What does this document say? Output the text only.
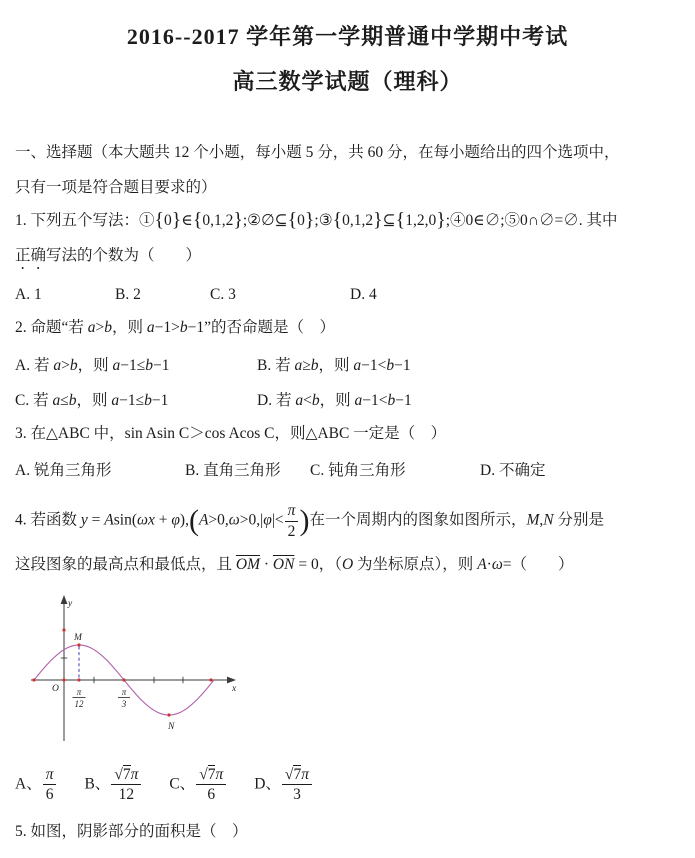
2016--2017 学年第一学期普通中学期中考试
高三数学试题（理科）
一、选择题（本大题共 12 个小题，每小题 5 分，共 60 分，在每小题给出的四个选项中，
只有一项是符合题目要求的）
1. 下列五个写法：①{0}∈{0,1,2};②∅⊆{0};③{0,1,2}⊆{1,2,0};④0∈∅;⑤0∩∅=∅. 其中
正确写法的个数为（　　）
A. 1	B. 2	C. 3	D. 4
2. 命题“若 a>b，则 a−1>b−1”的否命题是（　）
A. 若 a>b，则 a−1≤b−1	B. 若 a≥b，则 a−1<b−1
C. 若 a≤b，则 a−1≤b−1	D. 若 a<b，则 a−1<b−1
3. 在△ABC 中，sin Asin C＞cos Acos C，则△ABC 一定是（　）
A. 锐角三角形	B. 直角三角形 C. 钝角三角形	D. 不确定
4. 若函数 $y = Asin(\omega x + \varphi),(A>0,\omega>0,|\varphi|< \frac{\pi}{2}$ )在一个周期内的图象如图所示，M,N 分别是
这段图象的最高点和最低点，且 $\overline{OM} \cdot \overline{ON} = 0$，（O 为坐标原点），则 A·ω=（　　）
y
x
O
M
N
π
12
π
3
A、 $\frac{\pi}{6}$ B、 $\frac{√7\pi}{12}$ C、 $\frac{√7\pi}{6}$ D、 $\frac{√7\pi}{3}$
5. 如图，阴影部分的面积是（　）
